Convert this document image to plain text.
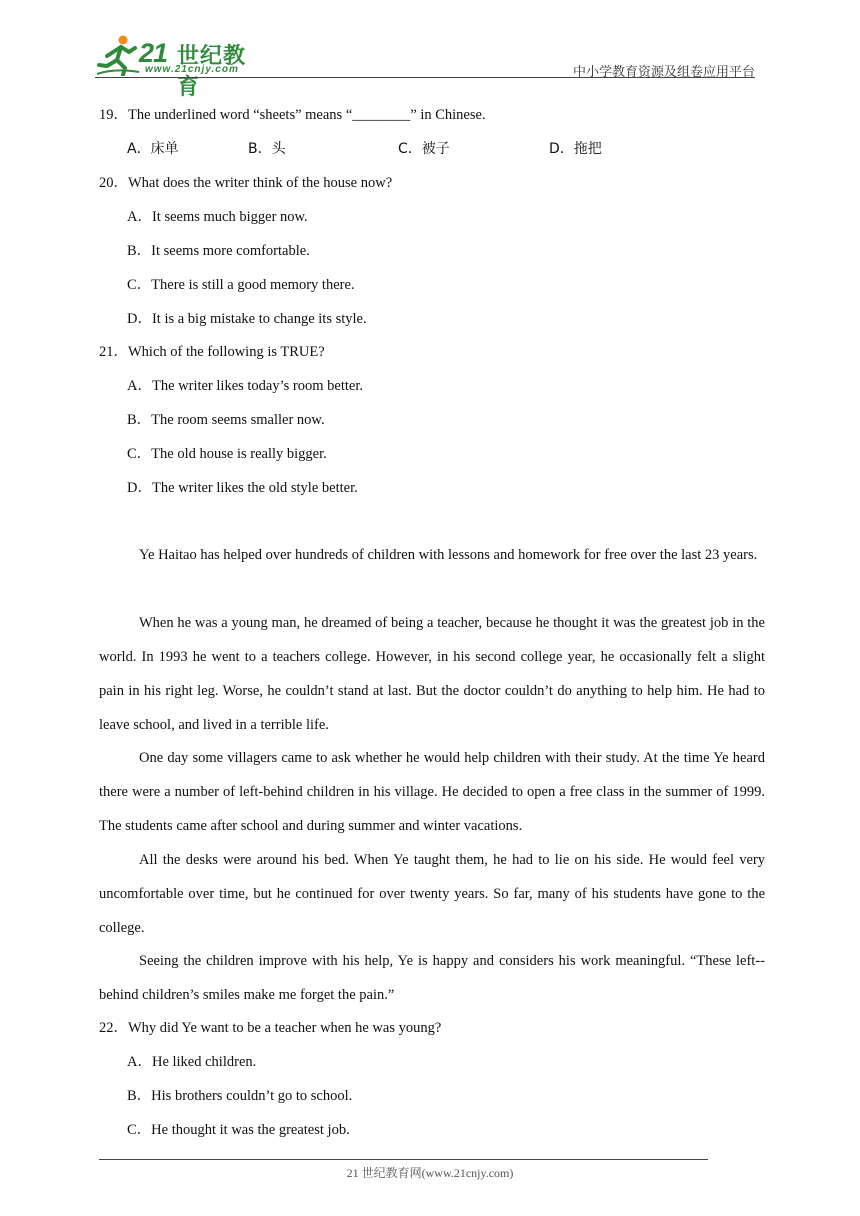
21 世纪教育
www.21cnjy.com	中小学教育资源及组卷应用平台
19．The underlined word “sheets” means “________” in Chinese.
A．床单	B．头	C．被子	D．拖把
20．What does the writer think of the house now?
A．It seems much bigger now.
B．It seems more comfortable.
C．There is still a good memory there.
D．It is a big mistake to change its style.
21．Which of the following is TRUE?
A．The writer likes today’s room better.
B．The room seems smaller now.
C．The old house is really bigger.
D．The writer likes the old style better.
Ye Haitao has helped over hundreds of children with lessons and homework for free over the last 23 years.
When he was a young man, he dreamed of being a teacher, because he thought it was the greatest job in the world. In 1993 he went to a teachers college. However, in his second college year, he occasionally felt a slight pain in his right leg. Worse, he couldn’t stand at last. But the doctor couldn’t do anything to help him. He had to leave school, and lived in a terrible life.
One day some villagers came to ask whether he would help children with their study. At the time Ye heard there were a number of left-behind children in his village. He decided to open a free class in the summer of 1999. The students came after school and during summer and winter vacations.
All the desks were around his bed. When Ye taught them, he had to lie on his side. He would feel very uncomfortable over time, but he continued for over twenty years. So far, many of his students have gone to the college.
Seeing the children improve with his help, Ye is happy and considers his work meaningful. “These left--behind children’s smiles make me forget the pain.”
22．Why did Ye want to be a teacher when he was young?
A．He liked children.
B．His brothers couldn’t go to school.
C．He thought it was the greatest job.
21 世纪教育网(www.21cnjy.com)
